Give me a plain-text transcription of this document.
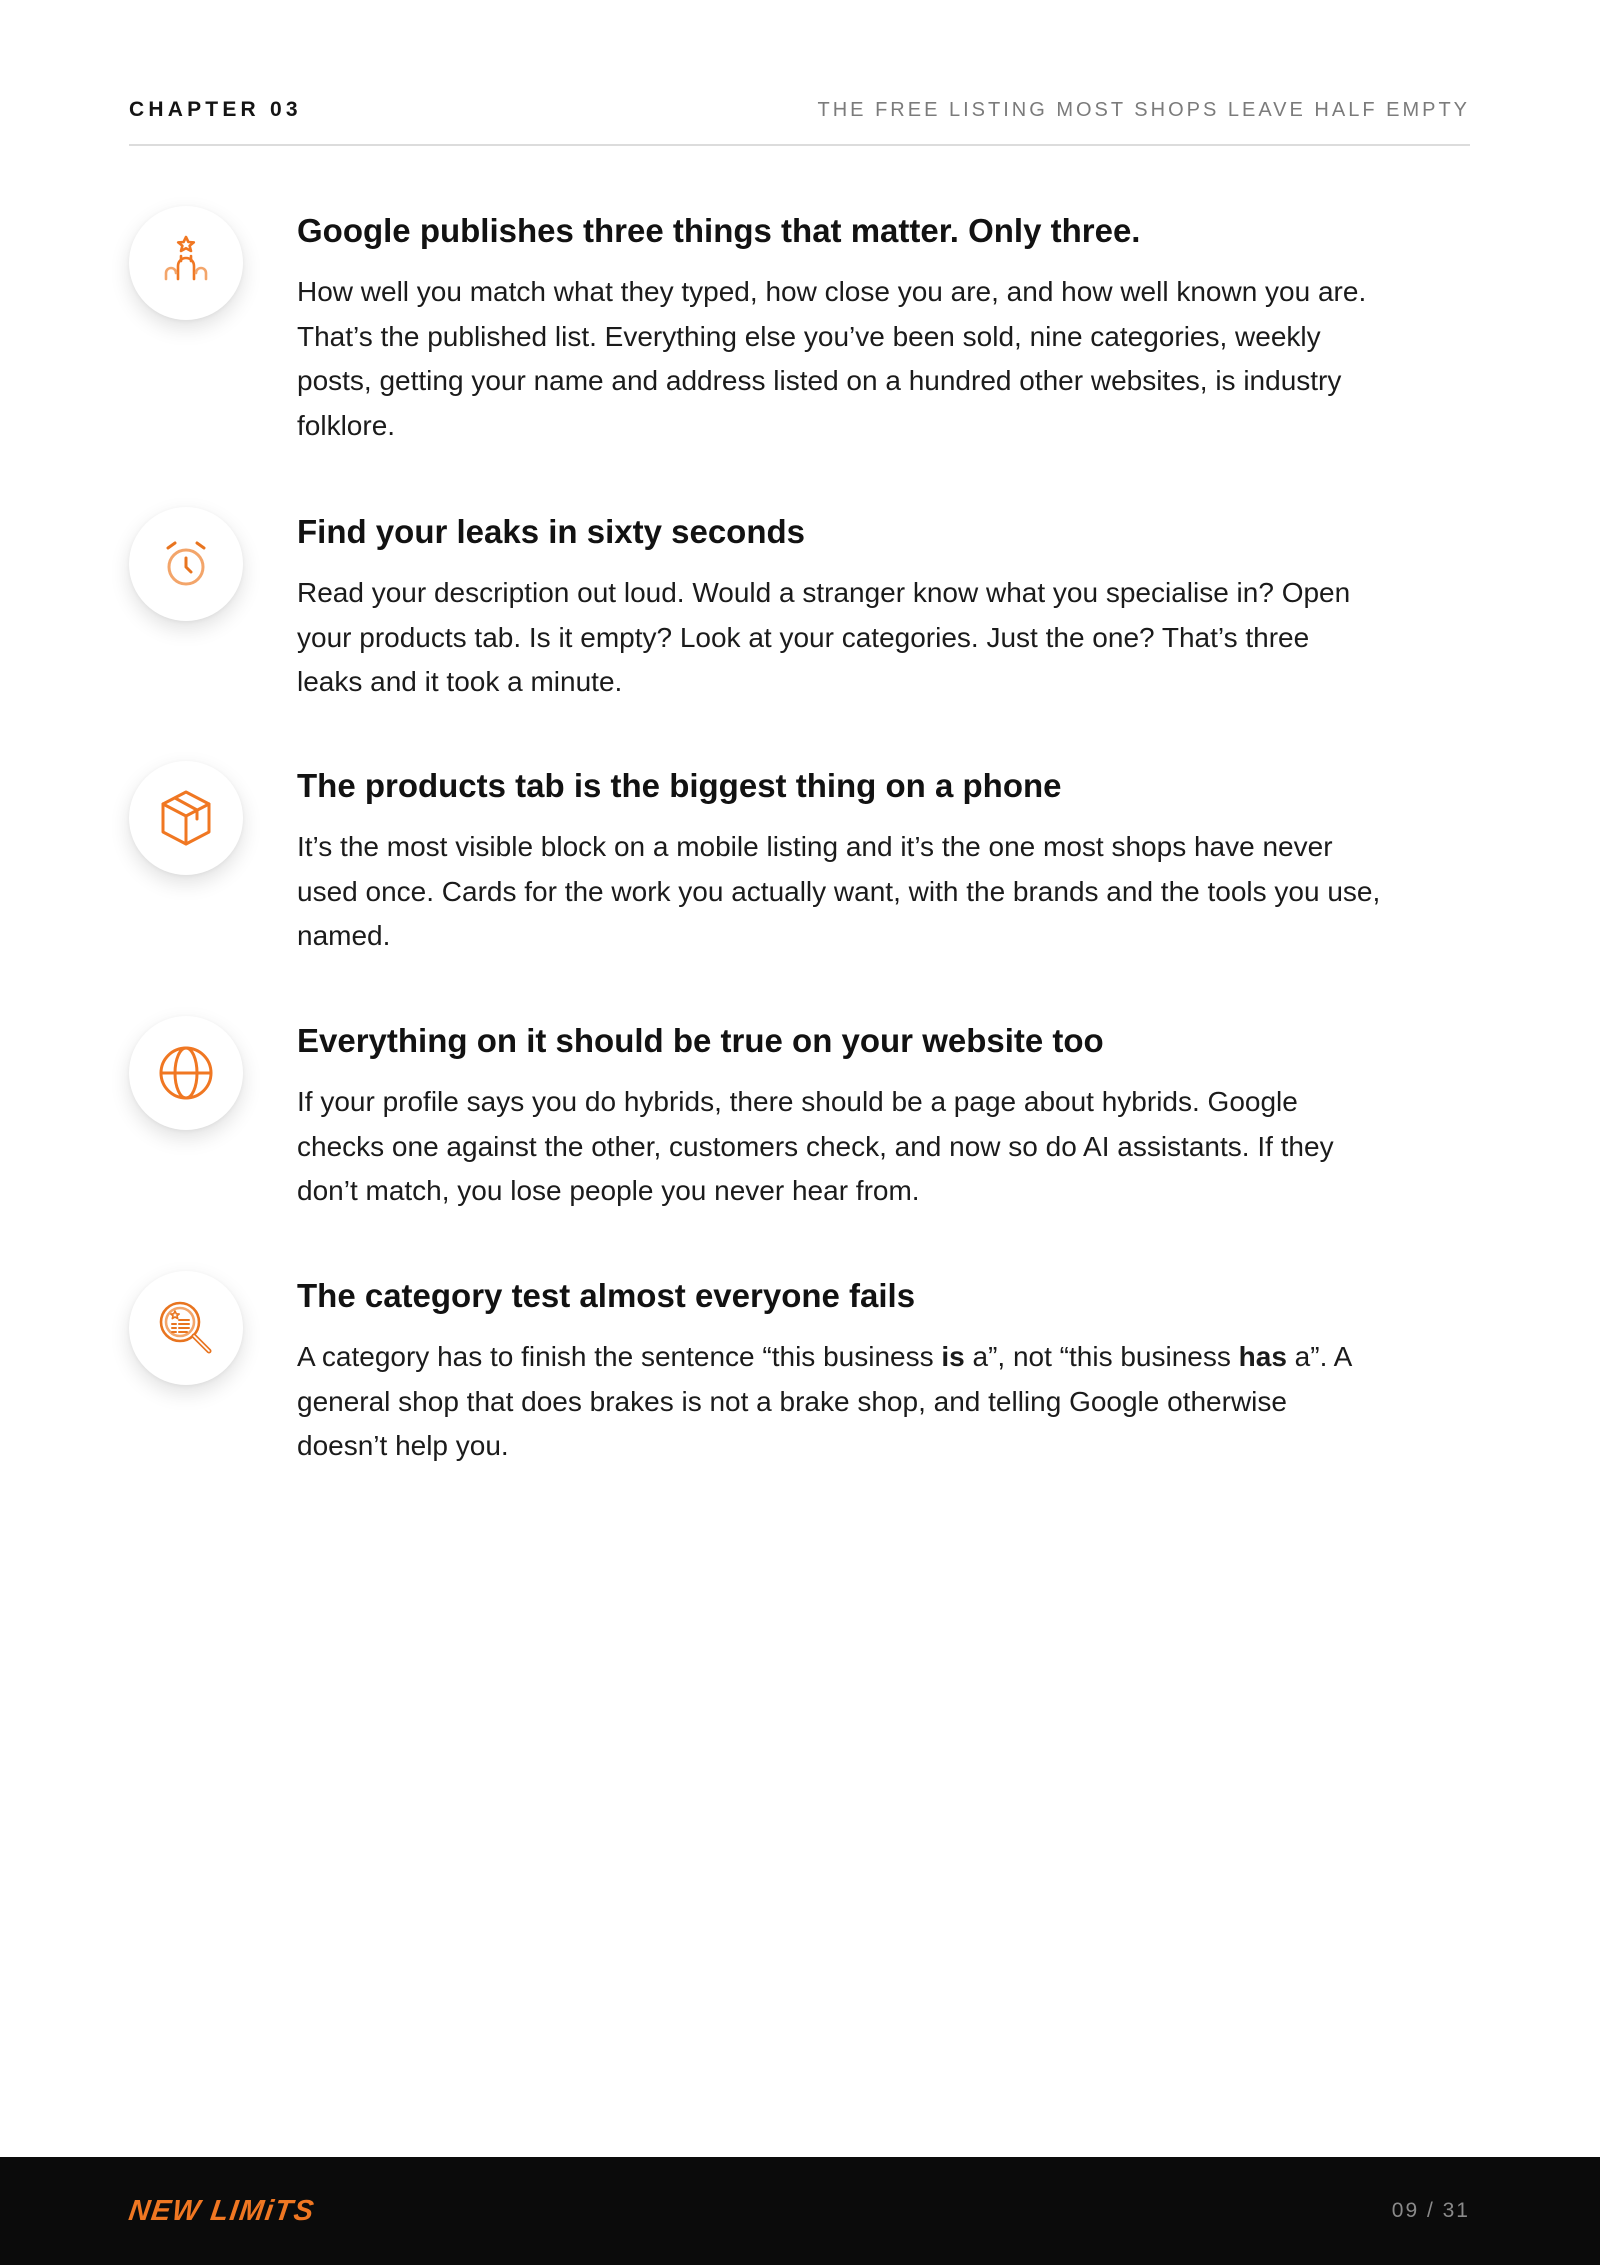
CHAPTER 03	THE FREE LISTING MOST SHOPS LEAVE HALF EMPTY
Google publishes three things that matter. Only three.

How well you match what they typed, how close you are, and how well known you are. That’s the published list. Everything else you’ve been sold, nine categories, weekly posts, getting your name and address listed on a hundred other websites, is industry folklore.

Find your leaks in sixty seconds

Read your description out loud. Would a stranger know what you specialise in? Open your products tab. Is it empty? Look at your categories. Just the one? That’s three leaks and it took a minute.

The products tab is the biggest thing on a phone

It’s the most visible block on a mobile listing and it’s the one most shops have never used once. Cards for the work you actually want, with the brands and the tools you use, named.

Everything on it should be true on your website too

If your profile says you do hybrids, there should be a page about hybrids. Google checks one against the other, customers check, and now so do AI assistants. If they don’t match, you lose people you never hear from.

The category test almost everyone fails

A category has to finish the sentence “this business is a”, not “this business has a”. A general shop that does brakes is not a brake shop, and telling Google otherwise doesn’t help you.

NEW LIMiTS	09 / 31
